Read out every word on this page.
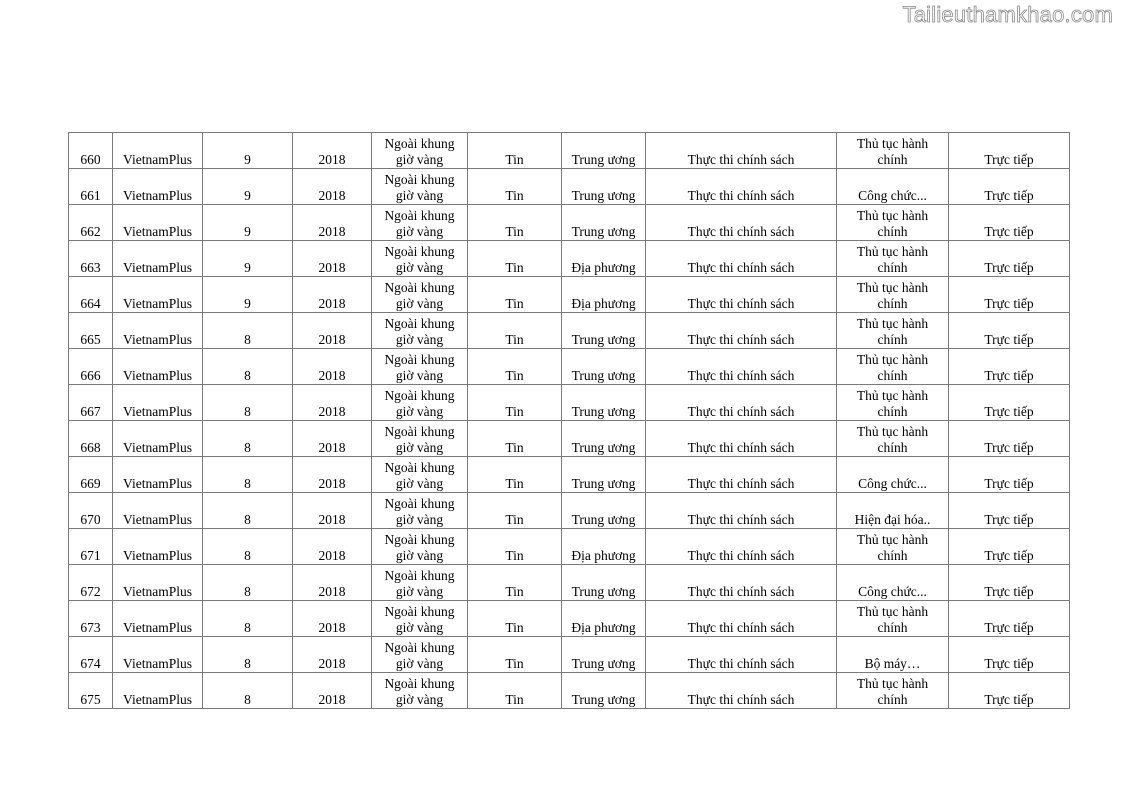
Tailieuthamkhao.com
660	VietnamPlus	9	2018	Ngoài khung
giờ vàng	Tin	Trung ương	Thực thi chính sách	Thủ tục hành
chính	Trực tiếp
661	VietnamPlus	9	2018	Ngoài khung
giờ vàng	Tin	Trung ương	Thực thi chính sách	Công chức...	Trực tiếp
662	VietnamPlus	9	2018	Ngoài khung
giờ vàng	Tin	Trung ương	Thực thi chính sách	Thủ tục hành
chính	Trực tiếp
663	VietnamPlus	9	2018	Ngoài khung
giờ vàng	Tin	Địa phương	Thực thi chính sách	Thủ tục hành
chính	Trực tiếp
664	VietnamPlus	9	2018	Ngoài khung
giờ vàng	Tin	Địa phương	Thực thi chính sách	Thủ tục hành
chính	Trực tiếp
665	VietnamPlus	8	2018	Ngoài khung
giờ vàng	Tin	Trung ương	Thực thi chính sách	Thủ tục hành
chính	Trực tiếp
666	VietnamPlus	8	2018	Ngoài khung
giờ vàng	Tin	Trung ương	Thực thi chính sách	Thủ tục hành
chính	Trực tiếp
667	VietnamPlus	8	2018	Ngoài khung
giờ vàng	Tin	Trung ương	Thực thi chính sách	Thủ tục hành
chính	Trực tiếp
668	VietnamPlus	8	2018	Ngoài khung
giờ vàng	Tin	Trung ương	Thực thi chính sách	Thủ tục hành
chính	Trực tiếp
669	VietnamPlus	8	2018	Ngoài khung
giờ vàng	Tin	Trung ương	Thực thi chính sách	Công chức...	Trực tiếp
670	VietnamPlus	8	2018	Ngoài khung
giờ vàng	Tin	Trung ương	Thực thi chính sách	Hiện đại hóa..	Trực tiếp
671	VietnamPlus	8	2018	Ngoài khung
giờ vàng	Tin	Địa phương	Thực thi chính sách	Thủ tục hành
chính	Trực tiếp
672	VietnamPlus	8	2018	Ngoài khung
giờ vàng	Tin	Trung ương	Thực thi chính sách	Công chức...	Trực tiếp
673	VietnamPlus	8	2018	Ngoài khung
giờ vàng	Tin	Địa phương	Thực thi chính sách	Thủ tục hành
chính	Trực tiếp
674	VietnamPlus	8	2018	Ngoài khung
giờ vàng	Tin	Trung ương	Thực thi chính sách	Bộ máy…	Trực tiếp
675	VietnamPlus	8	2018	Ngoài khung
giờ vàng	Tin	Trung ương	Thực thi chính sách	Thủ tục hành
chính	Trực tiếp
